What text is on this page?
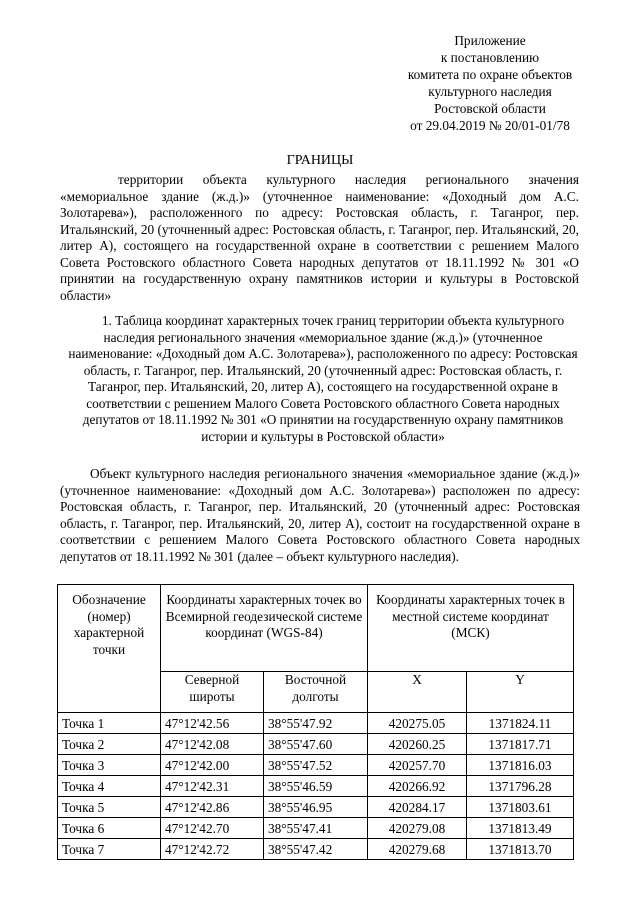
Приложение
к постановлению
комитета по охране объектов
культурного наследия
Ростовской области
от 29.04.2019 № 20/01-01/78
ГРАНИЦЫ
территории объекта культурного наследия регионального значения «мемориальное здание (ж.д.)» (уточненное наименование: «Доходный дом А.С. Золотарева»), расположенного по адресу: Ростовская область, г. Таганрог, пер. Итальянский, 20 (уточненный адрес: Ростовская область, г. Таганрог, пер. Итальянский, 20, литер А), состоящего на государственной охране в соответствии с решением Малого Совета Ростовского областного Совета народных депутатов от 18.11.1992 № 301 «О принятии на государственную охрану памятников истории и культуры в Ростовской области»
1. Таблица координат характерных точек границ территории объекта культурного наследия регионального значения «мемориальное здание (ж.д.)» (уточненное наименование: «Доходный дом А.С. Золотарева»), расположенного по адресу: Ростовская область, г. Таганрог, пер. Итальянский, 20 (уточненный адрес: Ростовская область, г. Таганрог, пер. Итальянский, 20, литер А), состоящего на государственной охране в соответствии с решением Малого Совета Ростовского областного Совета народных депутатов от 18.11.1992 № 301 «О принятии на государственную охрану памятников истории и культуры в Ростовской области»
Объект культурного наследия регионального значения «мемориальное здание (ж.д.)» (уточненное наименование: «Доходный дом А.С. Золотарева») расположен по адресу: Ростовская область, г. Таганрог, пер. Итальянский, 20 (уточненный адрес: Ростовская область, г. Таганрог, пер. Итальянский, 20, литер А), состоит на государственной охране в соответствии с решением Малого Совета Ростовского областного Совета народных депутатов от 18.11.1992 № 301 (далее – объект культурного наследия).
Обозначение (номер) характерной точки	Координаты характерных точек во Всемирной геодезической системе координат (WGS-84)		Координаты характерных точек в местной системе координат (МСК)	
	Северной широты	Восточной долготы	X	Y
Точка 1	47°12'42.56	38°55'47.92	420275.05	1371824.11
Точка 2	47°12'42.08	38°55'47.60	420260.25	1371817.71
Точка 3	47°12'42.00	38°55'47.52	420257.70	1371816.03
Точка 4	47°12'42.31	38°55'46.59	420266.92	1371796.28
Точка 5	47°12'42.86	38°55'46.95	420284.17	1371803.61
Точка 6	47°12'42.70	38°55'47.41	420279.08	1371813.49
Точка 7	47°12'42.72	38°55'47.42	420279.68	1371813.70
